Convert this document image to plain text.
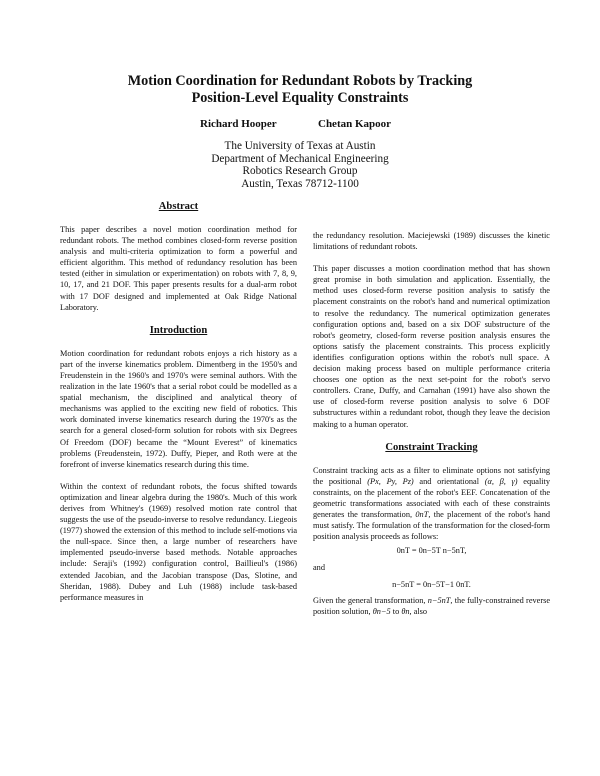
Motion Coordination for Redundant Robots by Tracking
Position-Level Equality Constraints
Richard Hooper	Chetan Kapoor
The University of Texas at Austin
Department of Mechanical Engineering
Robotics Research Group
Austin, Texas 78712-1100
Abstract
This paper describes a novel motion coordination method for redundant robots. The method combines closed-form reverse position analysis and multi-criteria optimization to form a powerful and efficient algorithm. This method of redundancy resolution has been tested (either in simulation or experimentation) on robots with 7, 8, 9, 10, 17, and 21 DOF. This paper presents results for a dual-arm robot with 17 DOF designed and implemented at Oak Ridge National Laboratory.
Introduction
Motion coordination for redundant robots enjoys a rich history as a part of the inverse kinematics problem. Dimentberg in the 1950's and Freudenstein in the 1960's and 1970's were seminal authors. With the realization in the late 1960's that a serial robot could be modelled as a spatial mechanism, the disciplined and analytical theory of mechanisms was applied to the exciting new field of robotics. This work dominated inverse kinematics research during the 1970's as the search for a general closed-form solution for robots with six Degrees Of Freedom (DOF) became the “Mount Everest” of kinematics problems (Freudenstein, 1972). Duffy, Pieper, and Roth were at the forefront of inverse kinematics research during this time.
Within the context of redundant robots, the focus shifted towards optimization and linear algebra during the 1980's. Much of this work derives from Whitney's (1969) resolved motion rate control that suggests the use of the pseudo-inverse to resolve redundancy. Liegeois (1977) showed the extension of this method to include self-motions via the null-space. Since then, a large number of researchers have implemented pseudo-inverse based methods. Notable approaches include: Seraji's (1992) configuration control, Baillieul's (1986) extended Jacobian, and the Jacobian transpose (Das, Slotine, and Sheridan, 1988). Dubey and Luh (1988) include task-based performance measures in
the redundancy resolution. Maciejewski (1989) discusses the kinetic limitations of redundant robots.
This paper discusses a motion coordination method that has shown great promise in both simulation and application. Essentially, the method uses closed-form reverse position analysis to satisfy the placement constraints on the robot's hand and numerical optimization to resolve the redundancy. The numerical optimization generates configuration options and, based on a six DOF substructure of the robot's geometry, closed-form reverse position analysis ensures the options satisfy the placement constraints. This process explicitly identifies configuration options within the robot's null space. A decision making process based on multiple performance criteria chooses one option as the next set-point for the robot's servo controllers. Crane, Duffy, and Carnahan (1991) have also shown the use of closed-form reverse position analysis to solve 6 DOF substructures within a redundant robot, though they leave the decision making to a human operator.
Constraint Tracking
Constraint tracking acts as a filter to eliminate options not satisfying the positional (Px, Py, Pz) and orientational (α, β, γ) equality constraints, on the placement of the robot's EEF. Concatenation of the geometric transformations associated with each of these constraints generates the transformation, 0nT, the placement of the robot's hand must satisfy. The formulation of the transformation for the closed-form position analysis proceeds as follows:
0nT = 0n−5T n−5nT,
and
n−5nT = 0n−5T−1 0nT.
Given the general transformation, n−5nT, the fully-constrained reverse position solution, θn−5 to θn, also
